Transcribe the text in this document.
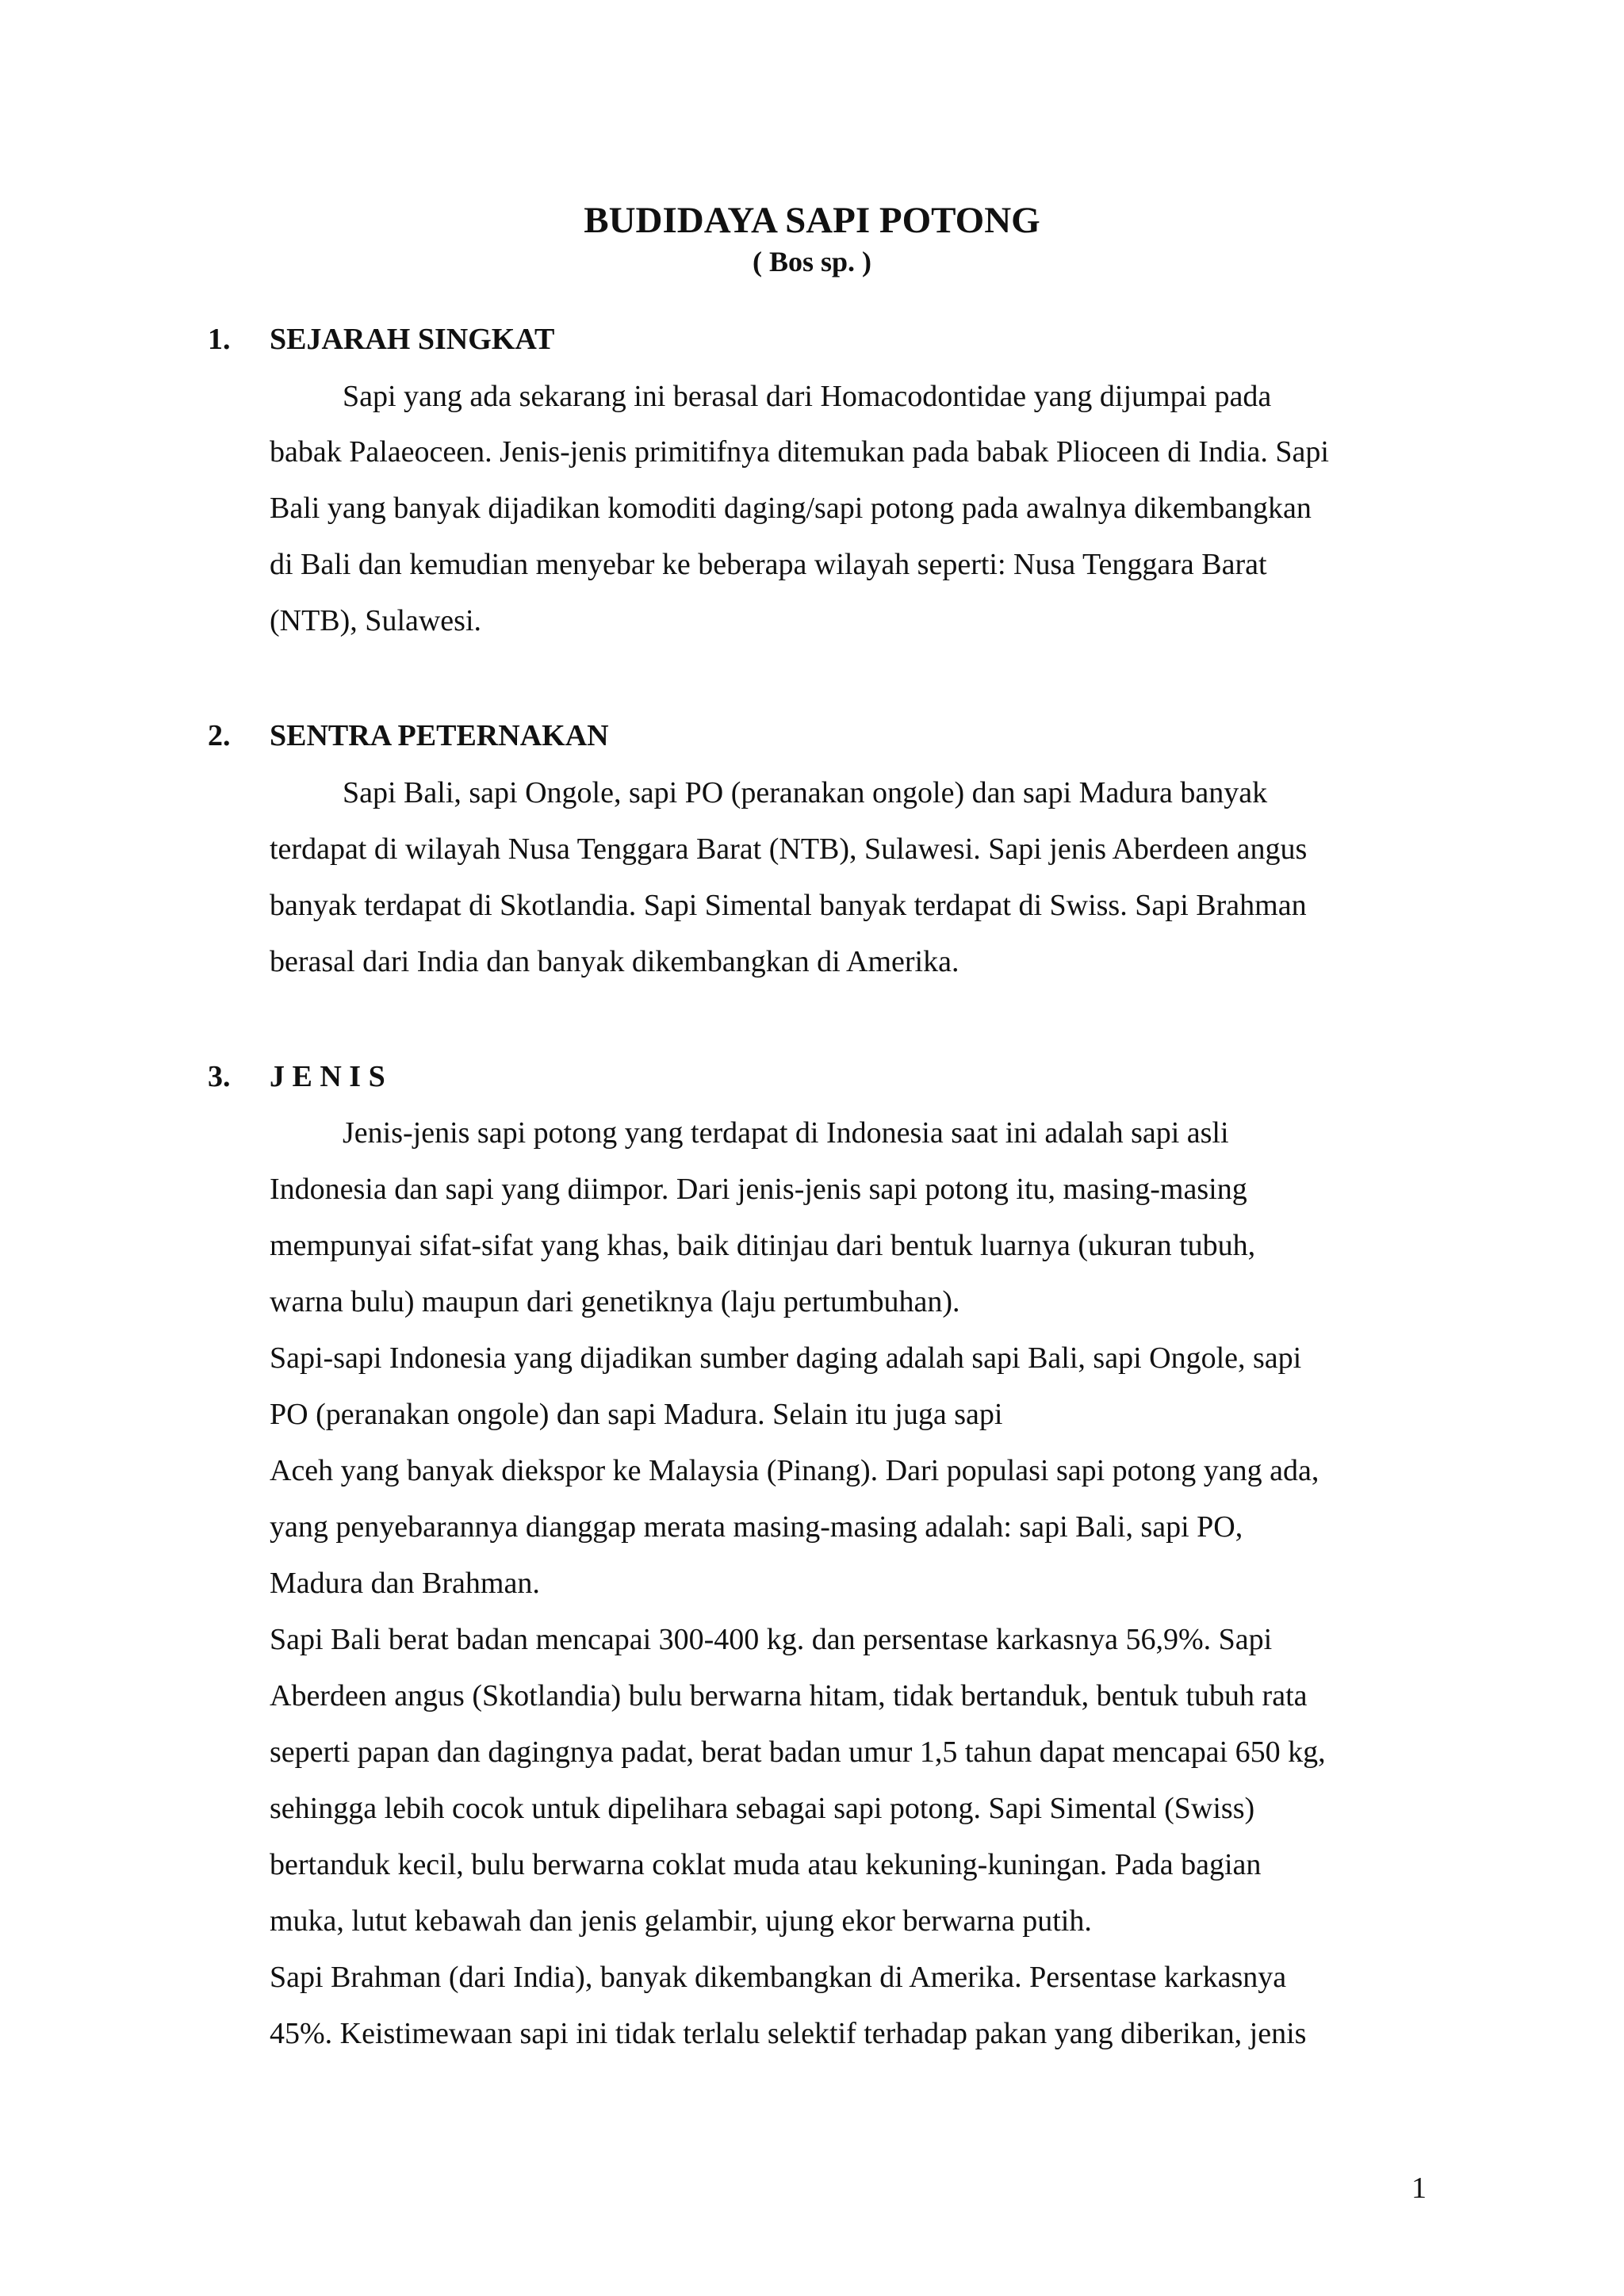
BUDIDAYA SAPI POTONG
( Bos sp. )
1. SEJARAH SINGKAT
Sapi yang ada sekarang ini berasal dari Homacodontidae yang dijumpai pada
babak Palaeoceen. Jenis-jenis primitifnya ditemukan pada babak Plioceen di India. Sapi
Bali yang banyak dijadikan komoditi daging/sapi potong pada awalnya dikembangkan
di Bali dan kemudian menyebar ke beberapa wilayah seperti: Nusa Tenggara Barat
(NTB), Sulawesi.
2. SENTRA PETERNAKAN
Sapi Bali, sapi Ongole, sapi PO (peranakan ongole) dan sapi Madura banyak
terdapat di wilayah Nusa Tenggara Barat (NTB), Sulawesi. Sapi jenis Aberdeen angus
banyak terdapat di Skotlandia. Sapi Simental banyak terdapat di Swiss. Sapi Brahman
berasal dari India dan banyak dikembangkan di Amerika.
3. J E N I S
Jenis-jenis sapi potong yang terdapat di Indonesia saat ini adalah sapi asli
Indonesia dan sapi yang diimpor. Dari jenis-jenis sapi potong itu, masing-masing
mempunyai sifat-sifat yang khas, baik ditinjau dari bentuk luarnya (ukuran tubuh,
warna bulu) maupun dari genetiknya (laju pertumbuhan).
Sapi-sapi Indonesia yang dijadikan sumber daging adalah sapi Bali, sapi Ongole, sapi
PO (peranakan ongole) dan sapi Madura. Selain itu juga sapi
Aceh yang banyak diekspor ke Malaysia (Pinang). Dari populasi sapi potong yang ada,
yang penyebarannya dianggap merata masing-masing adalah: sapi Bali, sapi PO,
Madura dan Brahman.
Sapi Bali berat badan mencapai 300-400 kg. dan persentase karkasnya 56,9%. Sapi
Aberdeen angus (Skotlandia) bulu berwarna hitam, tidak bertanduk, bentuk tubuh rata
seperti papan dan dagingnya padat, berat badan umur 1,5 tahun dapat mencapai 650 kg,
sehingga lebih cocok untuk dipelihara sebagai sapi potong. Sapi Simental (Swiss)
bertanduk kecil, bulu berwarna coklat muda atau kekuning-kuningan. Pada bagian
muka, lutut kebawah dan jenis gelambir, ujung ekor berwarna putih.
Sapi Brahman (dari India), banyak dikembangkan di Amerika. Persentase karkasnya
45%. Keistimewaan sapi ini tidak terlalu selektif terhadap pakan yang diberikan, jenis
1
